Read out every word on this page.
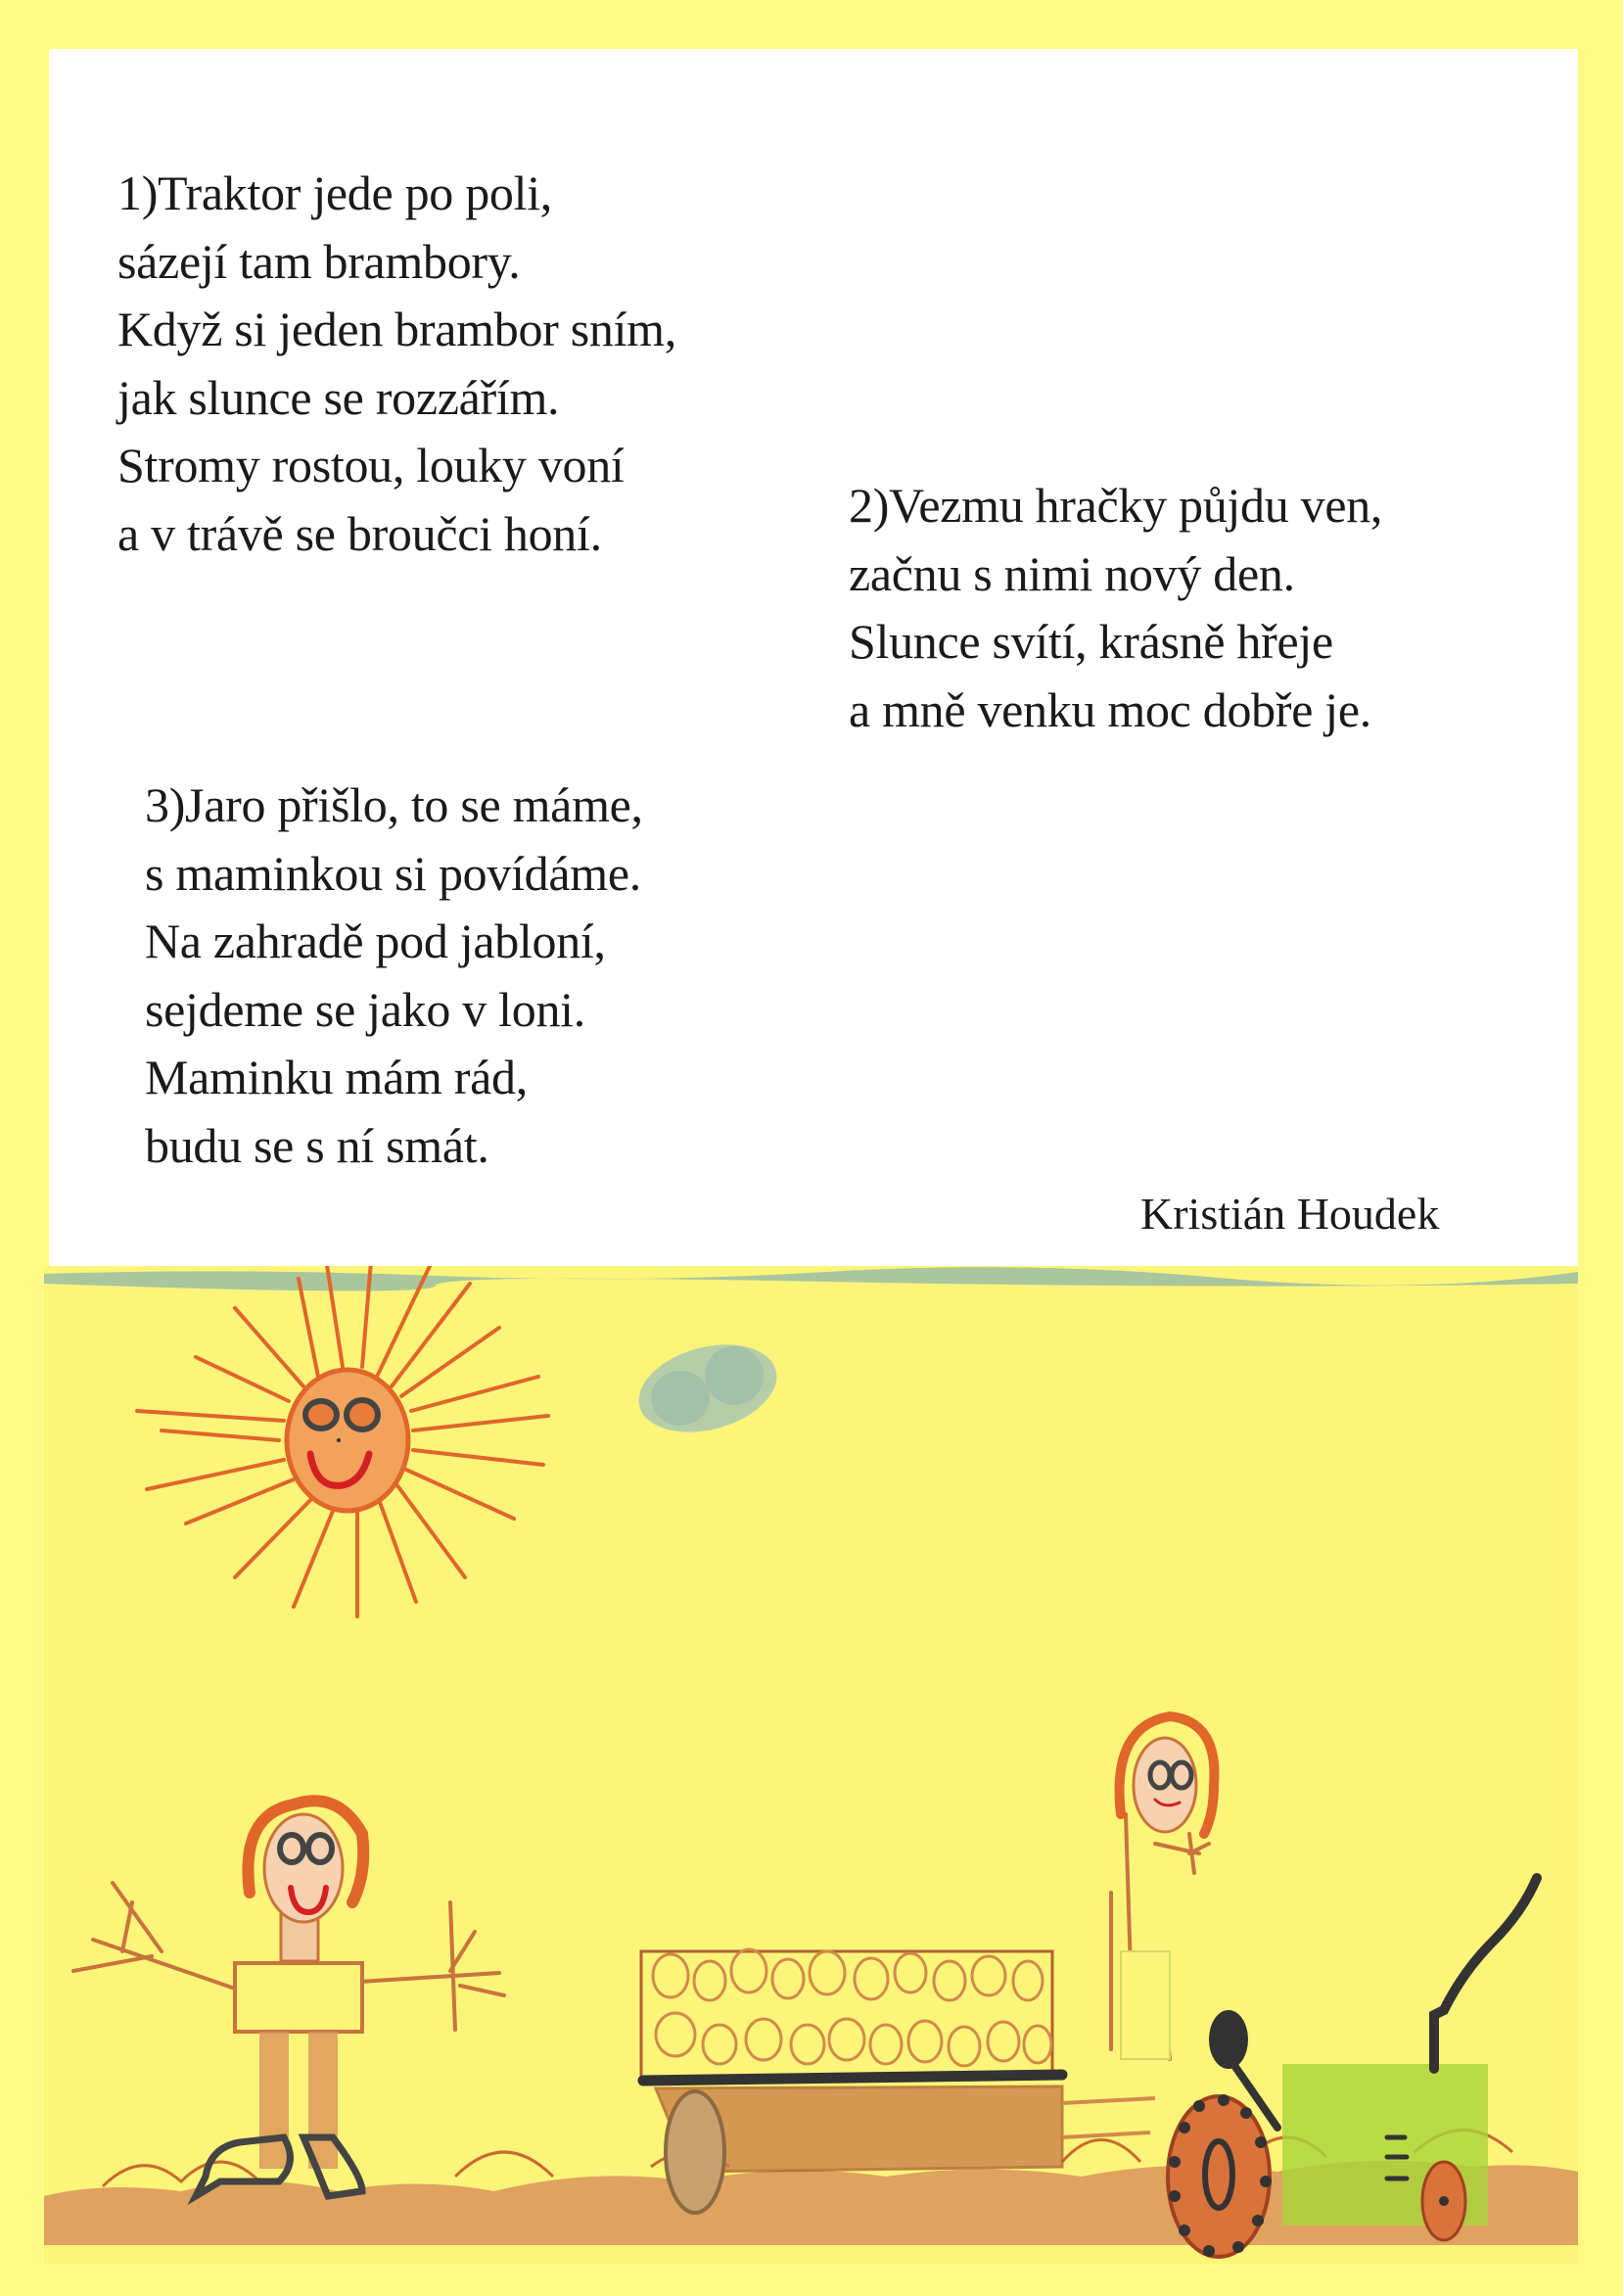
1)Traktor jede po poli,
sázejí tam brambory.
Když si jeden brambor sním,
jak slunce se rozzářím.
Stromy rostou, louky voní
a v trávě se broučci honí.
2)Vezmu hračky půjdu ven,
začnu s nimi nový den.
Slunce svítí, krásně hřeje
a mně venku moc dobře je.
3)Jaro přišlo, to se máme,
s maminkou si povídáme.
Na zahradě pod jabloní,
sejdeme se jako v loni.
Maminku mám rád,
budu se s ní smát.
Kristián Houdek
